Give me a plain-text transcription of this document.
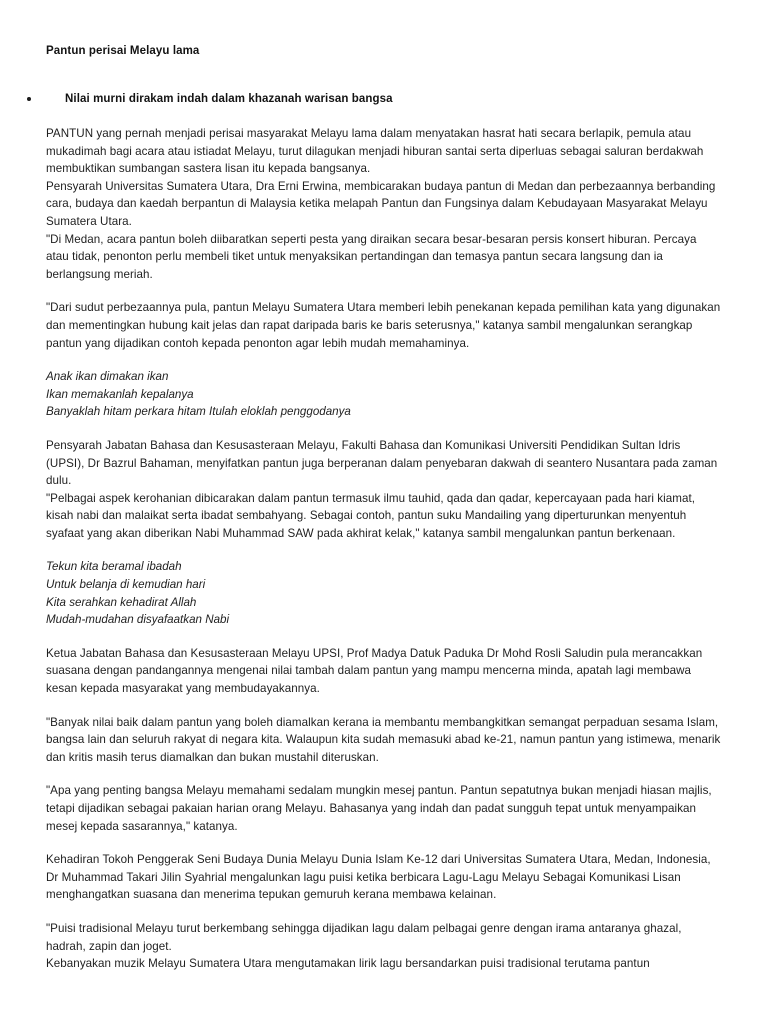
Pantun perisai Melayu lama
Nilai murni dirakam indah dalam khazanah warisan bangsa

PANTUN yang pernah menjadi perisai masyarakat Melayu lama dalam menyatakan hasrat hati secara berlapik, pemula atau mukadimah bagi acara atau istiadat Melayu, turut dilagukan menjadi hiburan santai serta diperluas sebagai saluran berdakwah membuktikan sumbangan sastera lisan itu kepada bangsanya.

Pensyarah Universitas Sumatera Utara, Dra Erni Erwina, membicarakan budaya pantun di Medan dan perbezaannya berbanding cara, budaya dan kaedah berpantun di Malaysia ketika melapah Pantun dan Fungsinya dalam Kebudayaan Masyarakat Melayu Sumatera Utara.

"Di Medan, acara pantun boleh diibaratkan seperti pesta yang diraikan secara besar-besaran persis konsert hiburan. Percaya atau tidak, penonton perlu membeli tiket untuk menyaksikan pertandingan dan temasya pantun secara langsung dan ia berlangsung meriah.

"Dari sudut perbezaannya pula, pantun Melayu Sumatera Utara memberi lebih penekanan kepada pemilihan kata yang digunakan dan mementingkan hubung kait jelas dan rapat daripada baris ke baris seterusnya," katanya sambil mengalunkan serangkap pantun yang dijadikan contoh kepada penonton agar lebih mudah memahaminya.

Anak ikan dimakan ikan
Ikan memakanlah kepalanya
Banyaklah hitam perkara hitam Itulah eloklah penggodanya

Pensyarah Jabatan Bahasa dan Kesusasteraan Melayu, Fakulti Bahasa dan Komunikasi Universiti Pendidikan Sultan Idris (UPSI), Dr Bazrul Bahaman, menyifatkan pantun juga berperanan dalam penyebaran dakwah di seantero Nusantara pada zaman dulu.

"Pelbagai aspek kerohanian dibicarakan dalam pantun termasuk ilmu tauhid, qada dan qadar, kepercayaan pada hari kiamat, kisah nabi dan malaikat serta ibadat sembahyang. Sebagai contoh, pantun suku Mandailing yang diperturunkan menyentuh syafaat yang akan diberikan Nabi Muhammad SAW pada akhirat kelak," katanya sambil mengalunkan pantun berkenaan.

Tekun kita beramal ibadah
Untuk belanja di kemudian hari
Kita serahkan kehadirat Allah
Mudah-mudahan disyafaatkan Nabi

Ketua Jabatan Bahasa dan Kesusasteraan Melayu UPSI, Prof Madya Datuk Paduka Dr Mohd Rosli Saludin pula merancakkan suasana dengan pandangannya mengenai nilai tambah dalam pantun yang mampu mencerna minda, apatah lagi membawa kesan kepada masyarakat yang membudayakannya.

"Banyak nilai baik dalam pantun yang boleh diamalkan kerana ia membantu membangkitkan semangat perpaduan sesama Islam, bangsa lain dan seluruh rakyat di negara kita. Walaupun kita sudah memasuki abad ke-21, namun pantun yang istimewa, menarik dan kritis masih terus diamalkan dan bukan mustahil diteruskan.

"Apa yang penting bangsa Melayu memahami sedalam mungkin mesej pantun. Pantun sepatutnya bukan menjadi hiasan majlis, tetapi dijadikan sebagai pakaian harian orang Melayu. Bahasanya yang indah dan padat sungguh tepat untuk menyampaikan mesej kepada sasarannya," katanya.

Kehadiran Tokoh Penggerak Seni Budaya Dunia Melayu Dunia Islam Ke-12 dari Universitas Sumatera Utara, Medan, Indonesia, Dr Muhammad Takari Jilin Syahrial mengalunkan lagu puisi ketika berbicara Lagu-Lagu Melayu Sebagai Komunikasi Lisan menghangatkan suasana dan menerima tepukan gemuruh kerana membawa kelainan.

"Puisi tradisional Melayu turut berkembang sehingga dijadikan lagu dalam pelbagai genre dengan irama antaranya ghazal, hadrah, zapin dan joget.

Kebanyakan muzik Melayu Sumatera Utara mengutamakan lirik lagu bersandarkan puisi tradisional terutama pantun
